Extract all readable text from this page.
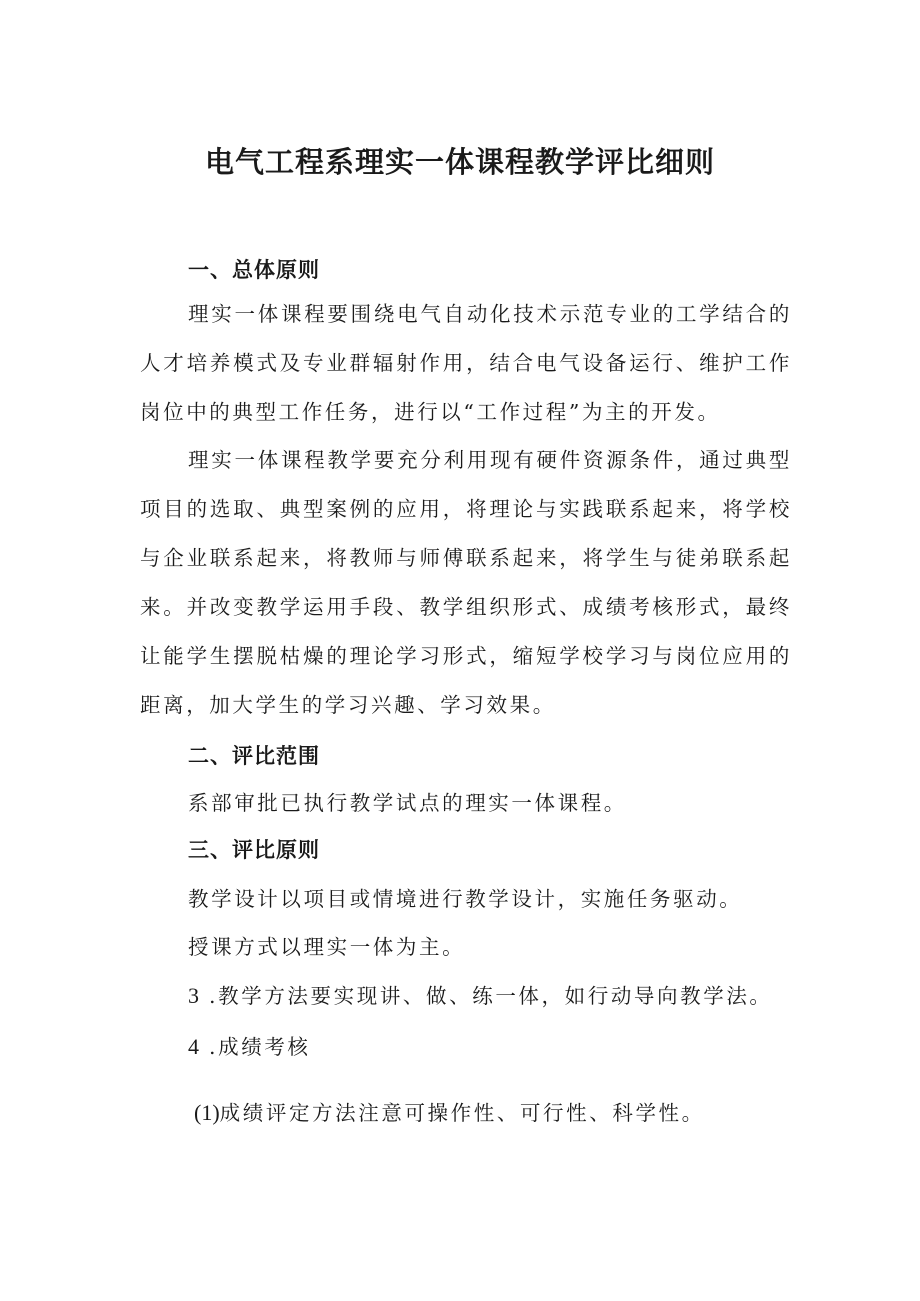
电气工程系理实一体课程教学评比细则
一、总体原则
理实一体课程要围绕电气自动化技术示范专业的工学结合的人才培养模式及专业群辐射作用，结合电气设备运行、维护工作岗位中的典型工作任务，进行以“工作过程”为主的开发。
理实一体课程教学要充分利用现有硬件资源条件，通过典型项目的选取、典型案例的应用，将理论与实践联系起来，将学校与企业联系起来，将教师与师傅联系起来，将学生与徒弟联系起来。并改变教学运用手段、教学组织形式、成绩考核形式，最终让能学生摆脱枯燥的理论学习形式，缩短学校学习与岗位应用的距离，加大学生的学习兴趣、学习效果。
二、评比范围
系部审批已执行教学试点的理实一体课程。
三、评比原则
教学设计以项目或情境进行教学设计，实施任务驱动。
授课方式以理实一体为主。
3 .教学方法要实现讲、做、练一体，如行动导向教学法。
4 .成绩考核
(1)成绩评定方法注意可操作性、可行性、科学性。
